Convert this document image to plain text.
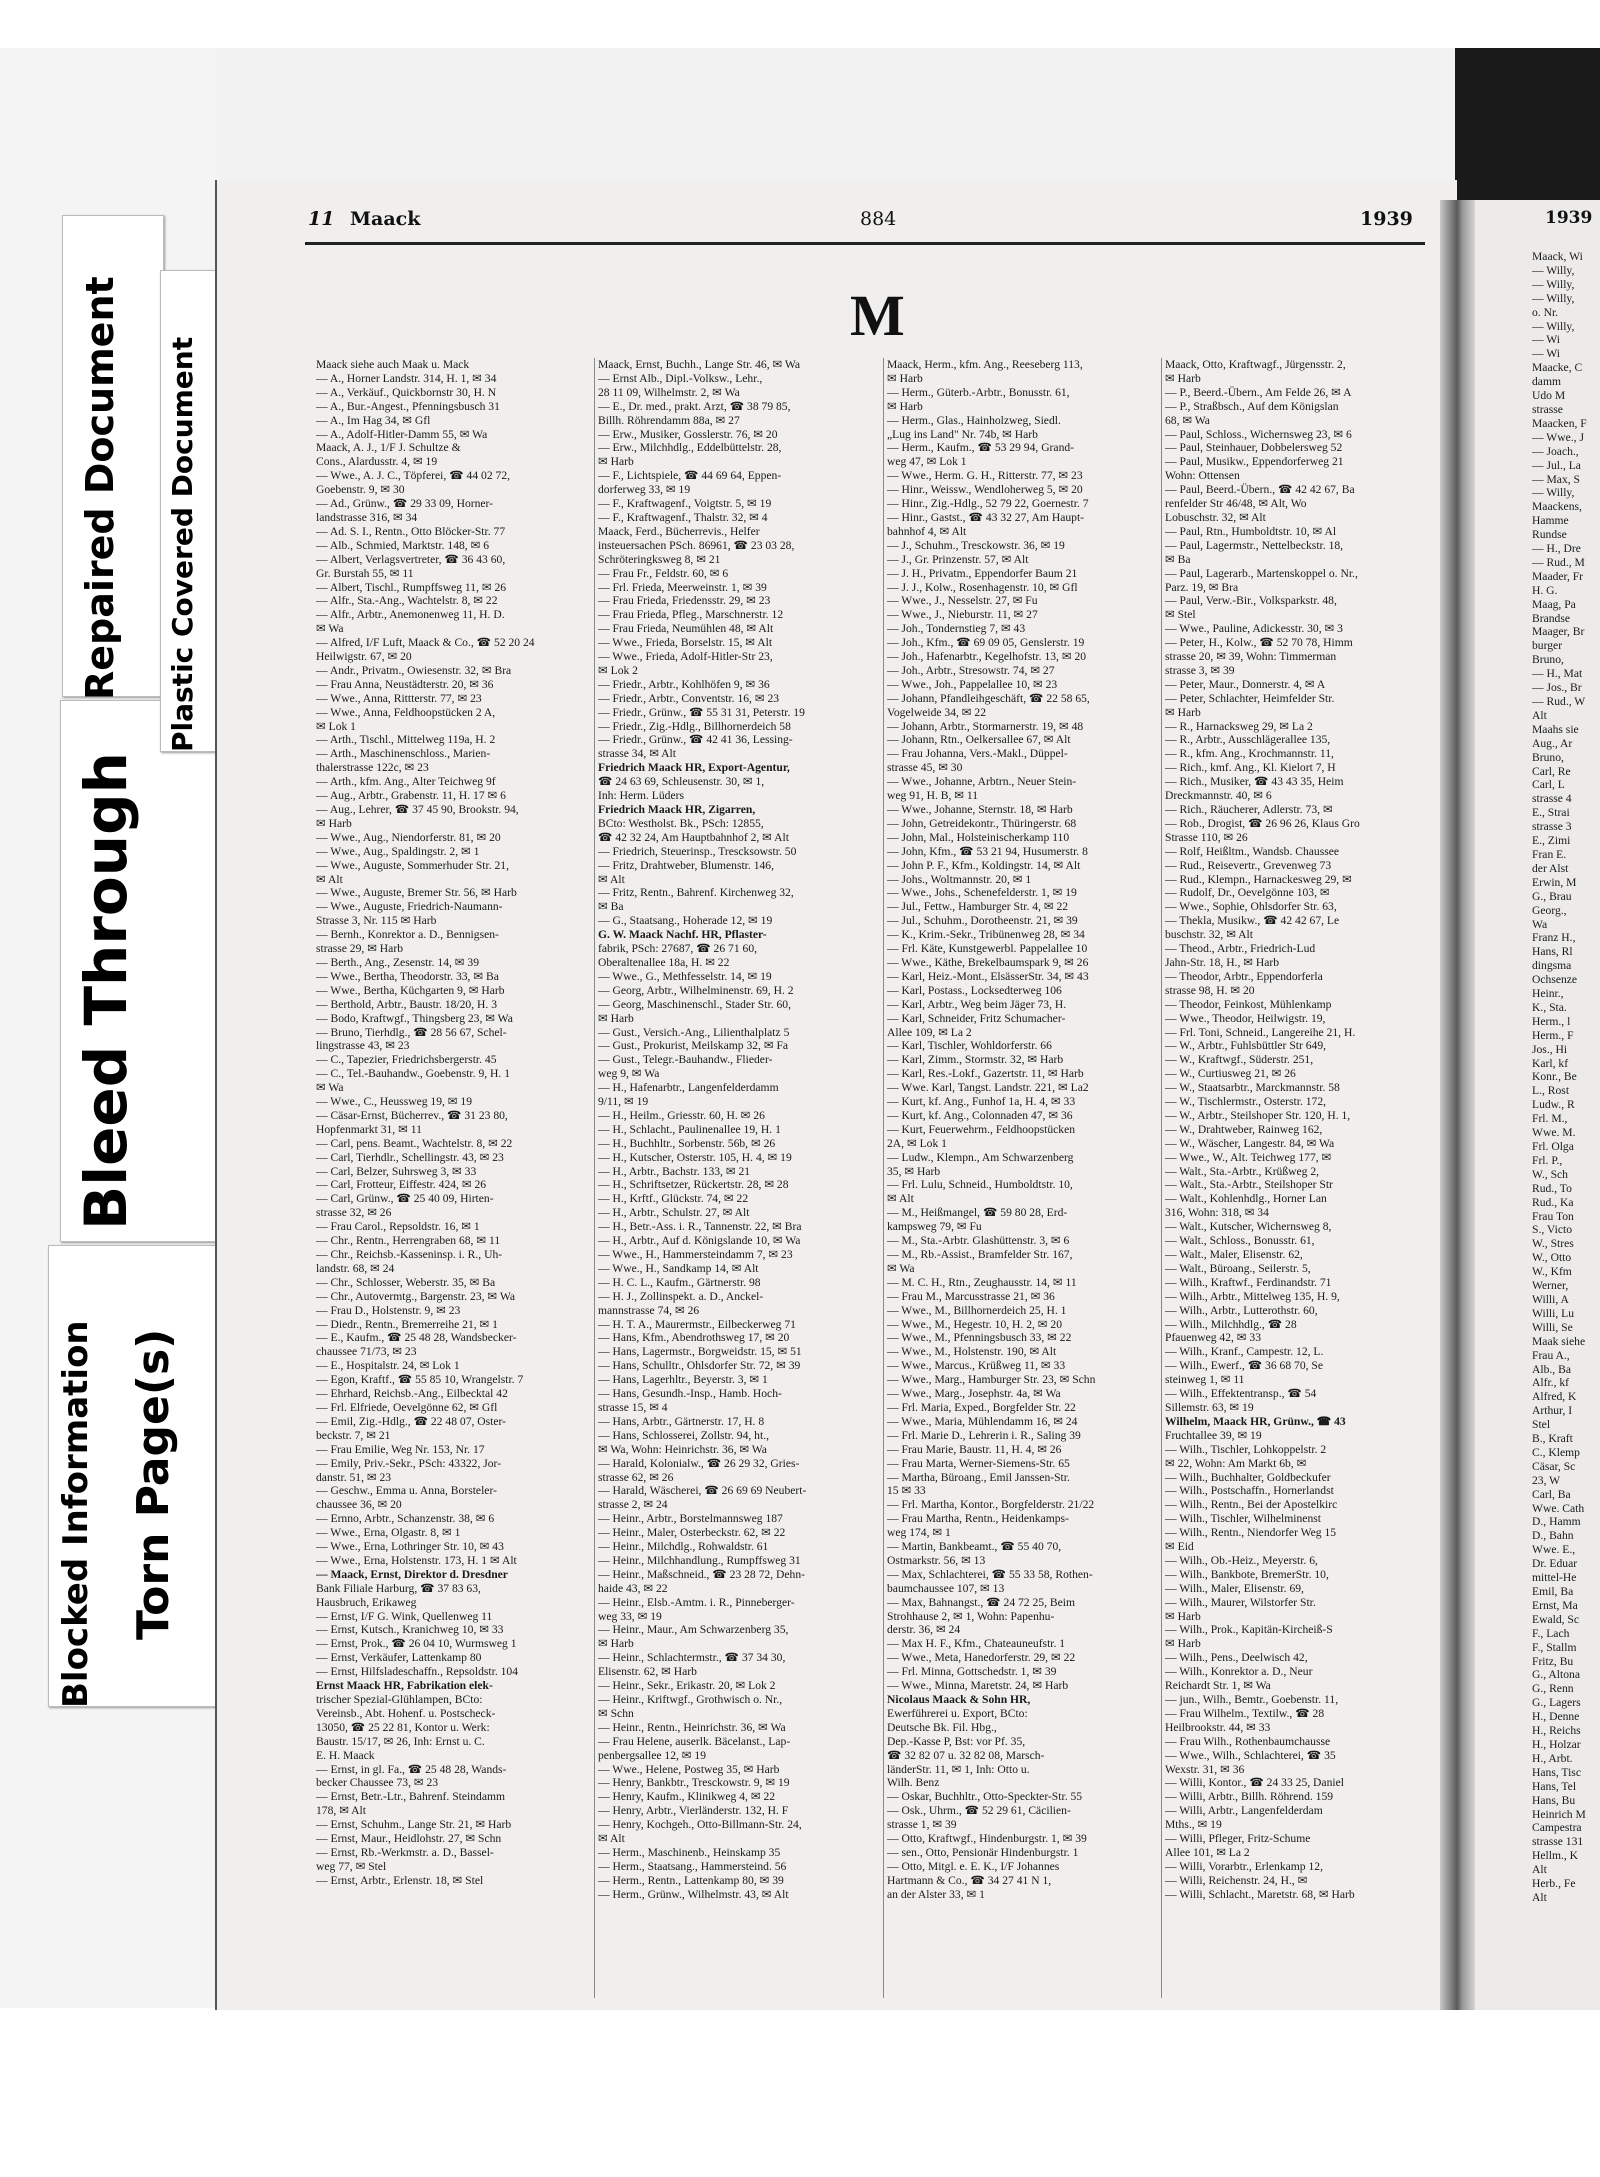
Blocked Information Torn Page(s)
Bleed Through
Repaired Document Plastic Covered Document
11 Maack	884	1939	1939
M
Maack siehe auch Maak u. Mack
— A., Horner Landstr. 314, H. 1, ✉ 34
— A., Verkäuf., Quickbornstr 30, H. N
— A., Bur.-Angest., Pfenningsbusch 31
— A., Im Hag 34, ✉ Gfl
— A., Adolf-Hitler-Damm 55, ✉ Wa
Maack, A. J., 1/F J. Schultze &
Cons., Alardusstr. 4, ✉ 19
— Wwe., A. J. C., Töpferei, ☎ 44 02 72,
Goebenstr. 9, ✉ 30
— Ad., Grünw., ☎ 29 33 09, Horner-
landstrasse 316, ✉ 34
— Ad. S. I., Rentn., Otto Blöcker-Str. 77
— Alb., Schmied, Marktstr. 148, ✉ 6
— Albert, Verlagsvertreter, ☎ 36 43 60,
Gr. Burstah 55, ✉ 11
— Albert, Tischl., Rumpffsweg 11, ✉ 26
— Alfr., Sta.-Ang., Wachtelstr. 8, ✉ 22
— Alfr., Arbtr., Anemonenweg 11, H. D.
✉ Wa
— Alfred, I/F Luft, Maack & Co., ☎ 52 20 24
Heilwigstr. 67, ✉ 20
— Andr., Privatm., Owiesenstr. 32, ✉ Bra
— Frau Anna, Neustädterstr. 20, ✉ 36
— Wwe., Anna, Rittterstr. 77, ✉ 23
— Wwe., Anna, Feldhoopstücken 2 A,
✉ Lok 1
— Arth., Tischl., Mittelweg 119a, H. 2
— Arth., Maschinenschloss., Marien-
thalerstrasse 122c, ✉ 23
— Arth., kfm. Ang., Alter Teichweg 9f
— Aug., Arbtr., Grabenstr. 11, H. 17 ✉ 6
— Aug., Lehrer, ☎ 37 45 90, Brookstr. 94,
✉ Harb
— Wwe., Aug., Niendorferstr. 81, ✉ 20
— Wwe., Aug., Spaldingstr. 2, ✉ 1
— Wwe., Auguste, Sommerhuder Str. 21,
✉ Alt
— Wwe., Auguste, Bremer Str. 56, ✉ Harb
— Wwe., Auguste, Friedrich-Naumann-
Strasse 3, Nr. 115 ✉ Harb
— Bernh., Konrektor a. D., Bennigsen-
strasse 29, ✉ Harb
— Berth., Ang., Zesenstr. 14, ✉ 39
— Wwe., Bertha, Theodorstr. 33, ✉ Ba
— Wwe., Bertha, Küchgarten 9, ✉ Harb
— Berthold, Arbtr., Baustr. 18/20, H. 3
— Bodo, Kraftwgf., Thingsberg 23, ✉ Wa
— Bruno, Tierhdlg., ☎ 28 56 67, Schel-
lingstrasse 43, ✉ 23
— C., Tapezier, Friedrichsbergerstr. 45
— C., Tel.-Bauhandw., Goebenstr. 9, H. 1
✉ Wa
— Wwe., C., Heussweg 19, ✉ 19
— Cäsar-Ernst, Bücherrev., ☎ 31 23 80,
Hopfenmarkt 31, ✉ 11
— Carl, pens. Beamt., Wachtelstr. 8, ✉ 22
— Carl, Tierhdlr., Schellingstr. 43, ✉ 23
— Carl, Belzer, Suhrsweg 3, ✉ 33
— Carl, Frotteur, Eiffestr. 424, ✉ 26
— Carl, Grünw., ☎ 25 40 09, Hirten-
strasse 32, ✉ 26
— Frau Carol., Repsoldstr. 16, ✉ 1
— Chr., Rentn., Herrengraben 68, ✉ 11
— Chr., Reichsb.-Kasseninsp. i. R., Uh-
landstr. 68, ✉ 24
— Chr., Schlosser, Weberstr. 35, ✉ Ba
— Chr., Autovermtg., Bargenstr. 23, ✉ Wa
— Frau D., Holstenstr. 9, ✉ 23
— Diedr., Rentn., Bremerreihe 21, ✉ 1
— E., Kaufm., ☎ 25 48 28, Wandsbecker-
chaussee 71/73, ✉ 23
— E., Hospitalstr. 24, ✉ Lok 1
— Egon, Kraftf., ☎ 55 85 10, Wrangelstr. 7
— Ehrhard, Reichsb.-Ang., Eilbecktal 42
— Frl. Elfriede, Oevelgönne 62, ✉ Gfl
— Emil, Zig.-Hdlg., ☎ 22 48 07, Oster-
beckstr. 7, ✉ 21
— Frau Emilie, Weg Nr. 153, Nr. 17
— Emily, Priv.-Sekr., PSch: 43322, Jor-
danstr. 51, ✉ 23
— Geschw., Emma u. Anna, Borsteler-
chaussee 36, ✉ 20
— Ernno, Arbtr., Schanzenstr. 38, ✉ 6
— Wwe., Erna, Olgastr. 8, ✉ 1
— Wwe., Erna, Lothringer Str. 10, ✉ 43
— Wwe., Erna, Holstenstr. 173, H. 1 ✉ Alt
— Maack, Ernst, Direktor d. Dresdner
Bank Filiale Harburg, ☎ 37 83 63,
Hausbruch, Erikaweg
— Ernst, I/F G. Wink, Quellenweg 11
— Ernst, Kutsch., Kranichweg 10, ✉ 33
— Ernst, Prok., ☎ 26 04 10, Wurmsweg 1
— Ernst, Verkäufer, Lattenkamp 80
— Ernst, Hilfsladeschaffn., Repsoldstr. 104
Ernst Maack HR, Fabrikation elek-
trischer Spezial-Glühlampen, BCto:
Vereinsb., Abt. Hohenf. u. Postscheck-
13050, ☎ 25 22 81, Kontor u. Werk:
Baustr. 15/17, ✉ 26, Inh: Ernst u. C.
E. H. Maack
— Ernst, in gl. Fa., ☎ 25 48 28, Wands-
becker Chaussee 73, ✉ 23
— Ernst, Betr.-Ltr., Bahrenf. Steindamm
178, ✉ Alt
— Ernst, Schuhm., Lange Str. 21, ✉ Harb
— Ernst, Maur., Heidlohstr. 27, ✉ Schn
— Ernst, Rb.-Werkmstr. a. D., Bassel-
weg 77, ✉ Stel
— Ernst, Arbtr., Erlenstr. 18, ✉ Stel
Maack, Ernst, Buchh., Lange Str. 46, ✉ Wa
— Ernst Alb., Dipl.-Volksw., Lehr.,
28 11 09, Wilhelmstr. 2, ✉ Wa
— E., Dr. med., prakt. Arzt, ☎ 38 79 85,
Billh. Röhrendamm 88a, ✉ 27
— Erw., Musiker, Gosslerstr. 76, ✉ 20
— Erw., Milchhdlg., Eddelbüttelstr. 28,
✉ Harb
— F., Lichtspiele, ☎ 44 69 64, Eppen-
dorferweg 33, ✉ 19
— F., Kraftwagenf., Voigtstr. 5, ✉ 19
— F., Kraftwagenf., Thalstr. 32, ✉ 4
Maack, Ferd., Bücherrevis., Helfer
insteuersachen PSch. 86961, ☎ 23 03 28,
Schröteringksweg 8, ✉ 21
— Frau Fr., Feldstr. 60, ✉ 6
— Frl. Frieda, Meerweinstr. 1, ✉ 39
— Frau Frieda, Friedensstr. 29, ✉ 23
— Frau Frieda, Pfleg., Marschnerstr. 12
— Frau Frieda, Neumühlen 48, ✉ Alt
— Wwe., Frieda, Borselstr. 15, ✉ Alt
— Wwe., Frieda, Adolf-Hitler-Str 23,
✉ Lok 2
— Friedr., Arbtr., Kohlhöfen 9, ✉ 36
— Friedr., Arbtr., Conventstr. 16, ✉ 23
— Friedr., Grünw., ☎ 55 31 31, Peterstr. 19
— Friedr., Zig.-Hdlg., Billhornerdeich 58
— Friedr., Grünw., ☎ 42 41 36, Lessing-
strasse 34, ✉ Alt
Friedrich Maack HR, Export-Agentur,
☎ 24 63 69, Schleusenstr. 30, ✉ 1,
Inh: Herm. Lüders
Friedrich Maack HR, Zigarren,
BCto: Westholst. Bk., PSch: 12855,
☎ 42 32 24, Am Hauptbahnhof 2, ✉ Alt
— Friedrich, Steuerinsp., Trescksowstr. 50
— Fritz, Drahtweber, Blumenstr. 146,
✉ Alt
— Fritz, Rentn., Bahrenf. Kirchenweg 32,
✉ Ba
— G., Staatsang., Hoherade 12, ✉ 19
G. W. Maack Nachf. HR, Pflaster-
fabrik, PSch: 27687, ☎ 26 71 60,
Oberaltenallee 18a, H. ✉ 22
— Wwe., G., Methfesselstr. 14, ✉ 19
— Georg, Arbtr., Wilhelminenstr. 69, H. 2
— Georg, Maschinenschl., Stader Str. 60,
✉ Harb
— Gust., Versich.-Ang., Lilienthalplatz 5
— Gust., Prokurist, Meilskamp 32, ✉ Fa
— Gust., Telegr.-Bauhandw., Flieder-
weg 9, ✉ Wa
— H., Hafenarbtr., Langenfelderdamm
9/11, ✉ 19
— H., Heilm., Griesstr. 60, H. ✉ 26
— H., Schlacht., Paulinenallee 19, H. 1
— H., Buchhltr., Sorbenstr. 56b, ✉ 26
— H., Kutscher, Osterstr. 105, H. 4, ✉ 19
— H., Arbtr., Bachstr. 133, ✉ 21
— H., Schriftsetzer, Rückertstr. 28, ✉ 28
— H., Krftf., Glückstr. 74, ✉ 22
— H., Arbtr., Schulstr. 27, ✉ Alt
— H., Betr.-Ass. i. R., Tannenstr. 22, ✉ Bra
— H., Arbtr., Auf d. Königslande 10, ✉ Wa
— Wwe., H., Hammersteindamm 7, ✉ 23
— Wwe., H., Sandkamp 14, ✉ Alt
— H. C. L., Kaufm., Gärtnerstr. 98
— H. J., Zollinspekt. a. D., Anckel-
mannstrasse 74, ✉ 26
— H. T. A., Maurermstr., Eilbeckerweg 71
— Hans, Kfm., Abendrothsweg 17, ✉ 20
— Hans, Lagermstr., Borgweidstr. 15, ✉ 51
— Hans, Schulltr., Ohlsdorfer Str. 72, ✉ 39
— Hans, Lagerhltr., Beyerstr. 3, ✉ 1
— Hans, Gesundh.-Insp., Hamb. Hoch-
strasse 15, ✉ 4
— Hans, Arbtr., Gärtnerstr. 17, H. 8
— Hans, Schlosserei, Zollstr. 94, ht.,
✉ Wa, Wohn: Heinrichstr. 36, ✉ Wa
— Harald, Kolonialw., ☎ 26 29 32, Gries-
strasse 62, ✉ 26
— Harald, Wäscherei, ☎ 26 69 69 Neubert-
strasse 2, ✉ 24
— Heinr., Arbtr., Borstelmannsweg 187
— Heinr., Maler, Osterbeckstr. 62, ✉ 22
— Heinr., Milchdlg., Rohwaldstr. 61
— Heinr., Milchhandlung., Rumpffsweg 31
— Heinr., Maßschneid., ☎ 23 28 72, Dehn-
haide 43, ✉ 22
— Heinr., Elsb.-Amtm. i. R., Pinneberger-
weg 33, ✉ 19
— Heinr., Maur., Am Schwarzenberg 35,
✉ Harb
— Heinr., Schlachtermstr., ☎ 37 34 30,
Elisenstr. 62, ✉ Harb
— Heinr., Sekr., Erikastr. 20, ✉ Lok 2
— Heinr., Kriftwgf., Grothwisch o. Nr.,
✉ Schn
— Heinr., Rentn., Heinrichstr. 36, ✉ Wa
— Frau Helene, auserlk. Bäcelanst., Lap-
penbergsallee 12, ✉ 19
— Wwe., Helene, Postweg 35, ✉ Harb
— Henry, Bankbtr., Tresckowstr. 9, ✉ 19
— Henry, Kaufm., Klinikweg 4, ✉ 22
— Henry, Arbtr., Vierländerstr. 132, H. F
— Henry, Kochgeh., Otto-Billmann-Str. 24,
✉ Alt
— Herm., Maschinenb., Heinskamp 35
— Herm., Staatsang., Hammersteind. 56
— Herm., Rentn., Lattenkamp 80, ✉ 39
— Herm., Grünw., Wilhelmstr. 43, ✉ Alt
Maack, Herm., kfm. Ang., Reeseberg 113,
✉ Harb
— Herm., Güterb.-Arbtr., Bonusstr. 61,
✉ Harb
— Herm., Glas., Hainholzweg, Siedl.
„Lug ins Land" Nr. 74b, ✉ Harb
— Herm., Kaufm., ☎ 53 29 94, Grand-
weg 47, ✉ Lok 1
— Wwe., Herm. G. H., Ritterstr. 77, ✉ 23
— Hinr., Weissw., Wendloherweg 5, ✉ 20
— Hinr., Zig.-Hdlg., 52 79 22, Goernestr. 7
— Hinr., Gastst., ☎ 43 32 27, Am Haupt-
bahnhof 4, ✉ Alt
— J., Schuhm., Tresckowstr. 36, ✉ 19
— J., Gr. Prinzenstr. 57, ✉ Alt
— J. H., Privatm., Eppendorfer Baum 21
— J. J., Kolw., Rosenhagenstr. 10, ✉ Gfl
— Wwe., J., Nesselstr. 27, ✉ Fu
— Wwe., J., Nieburstr. 11, ✉ 27
— Joh., Tondernstieg 7, ✉ 43
— Joh., Kfm., ☎ 69 09 05, Genslerstr. 19
— Joh., Hafenarbtr., Kegelhofstr. 13, ✉ 20
— Joh., Arbtr., Stresowstr. 74, ✉ 27
— Wwe., Joh., Pappelallee 10, ✉ 23
— Johann, Pfandleihgeschäft, ☎ 22 58 65,
Vogelweide 34, ✉ 22
— Johann, Arbtr., Stormarnerstr. 19, ✉ 48
— Johann, Rtn., Oelkersallee 67, ✉ Alt
— Frau Johanna, Vers.-Makl., Düppel-
strasse 45, ✉ 30
— Wwe., Johanne, Arbtrn., Neuer Stein-
weg 91, H. B, ✉ 11
— Wwe., Johanne, Sternstr. 18, ✉ Harb
— John, Getreidekontr., Thüringerstr. 68
— John, Mal., Holsteinischerkamp 110
— John, Kfm., ☎ 53 21 94, Husumerstr. 8
— John P. F., Kfm., Koldingstr. 14, ✉ Alt
— Johs., Woltmannstr. 20, ✉ 1
— Wwe., Johs., Schenefelderstr. 1, ✉ 19
— Jul., Fettw., Hamburger Str. 4, ✉ 22
— Jul., Schuhm., Dorotheenstr. 21, ✉ 39
— K., Krim.-Sekr., Tribünenweg 28, ✉ 34
— Frl. Käte, Kunstgewerbl. Pappelallee 10
— Wwe., Käthe, Brekelbaumspark 9, ✉ 26
— Karl, Heiz.-Mont., ElsässerStr. 34, ✉ 43
— Karl, Postass., Locksedterweg 106
— Karl, Arbtr., Weg beim Jäger 73, H.
— Karl, Schneider, Fritz Schumacher-
Allee 109, ✉ La 2
— Karl, Tischler, Wohldorferstr. 66
— Karl, Zimm., Stormstr. 32, ✉ Harb
— Karl, Res.-Lokf., Gazertstr. 11, ✉ Harb
— Wwe. Karl, Tangst. Landstr. 221, ✉ La2
— Kurt, kf. Ang., Funhof 1a, H. 4, ✉ 33
— Kurt, kf. Ang., Colonnaden 47, ✉ 36
— Kurt, Feuerwehrm., Feldhoopstücken
2A, ✉ Lok 1
— Ludw., Klempn., Am Schwarzenberg
35, ✉ Harb
— Frl. Lulu, Schneid., Humboldtstr. 10,
✉ Alt
— M., Heißmangel, ☎ 59 80 28, Erd-
kampsweg 79, ✉ Fu
— M., Sta.-Arbtr. Glashüttenstr. 3, ✉ 6
— M., Rb.-Assist., Bramfelder Str. 167,
✉ Wa
— M. C. H., Rtn., Zeughausstr. 14, ✉ 11
— Frau M., Marcusstrasse 21, ✉ 36
— Wwe., M., Billhornerdeich 25, H. 1
— Wwe., M., Hegestr. 10, H. 2, ✉ 20
— Wwe., M., Pfenningsbusch 33, ✉ 22
— Wwe., M., Holstenstr. 190, ✉ Alt
— Wwe., Marcus., Krüßweg 11, ✉ 33
— Wwe., Marg., Hamburger Str. 23, ✉ Schn
— Wwe., Marg., Josephstr. 4a, ✉ Wa
— Frl. Maria, Exped., Borgfelder Str. 22
— Wwe., Maria, Mühlendamm 16, ✉ 24
— Frl. Marie D., Lehrerin i. R., Saling 39
— Frau Marie, Baustr. 11, H. 4, ✉ 26
— Frau Marta, Werner-Siemens-Str. 65
— Martha, Büroang., Emil Janssen-Str.
15 ✉ 33
— Frl. Martha, Kontor., Borgfelderstr. 21/22
— Frau Martha, Rentn., Heidenkamps-
weg 174, ✉ 1
— Martin, Bankbeamt., ☎ 55 40 70,
Ostmarkstr. 56, ✉ 13
— Max, Schlachterei, ☎ 55 33 58, Rothen-
baumchaussee 107, ✉ 13
— Max, Bahnangst., ☎ 24 72 25, Beim
Strohhause 2, ✉ 1, Wohn: Papenhu-
derstr. 36, ✉ 24
— Max H. F., Kfm., Chateauneufstr. 1
— Wwe., Meta, Hanedorferstr. 29, ✉ 22
— Frl. Minna, Gottschedstr. 1, ✉ 39
— Wwe., Minna, Maretstr. 24, ✉ Harb
Nicolaus Maack & Sohn HR,
Ewerführerei u. Export, BCto:
Deutsche Bk. Fil. Hbg.,
Dep.-Kasse P, Bst: vor Pf. 35,
☎ 32 82 07 u. 32 82 08, Marsch-
länderStr. 11, ✉ 1, Inh: Otto u.
Wilh. Benz
— Oskar, Buchhltr., Otto-Speckter-Str. 55
— Osk., Uhrm., ☎ 52 29 61, Cäcilien-
strasse 1, ✉ 39
— Otto, Kraftwgf., Hindenburgstr. 1, ✉ 39
— sen., Otto, Pensionär Hindenburgstr. 1
— Otto, Mitgl. e. E. K., I/F Johannes
Hartmann & Co., ☎ 34 27 41 N 1,
an der Alster 33, ✉ 1
Maack, Otto, Kraftwagf., Jürgensstr. 2,
✉ Harb
— P., Beerd.-Übern., Am Felde 26, ✉ A
— P., Straßbsch., Auf dem Königslan
68, ✉ Wa
— Paul, Schloss., Wichernsweg 23, ✉ 6
— Paul, Steinhauer, Dobbelersweg 52
— Paul, Musikw., Eppendorferweg 21
Wohn: Ottensen
— Paul, Beerd.-Übern., ☎ 42 42 67, Ba
renfelder Str 46/48, ✉ Alt, Wo
Lobuschstr. 32, ✉ Alt
— Paul, Rtn., Humboldtstr. 10, ✉ Al
— Paul, Lagermstr., Nettelbeckstr. 18,
✉ Ba
— Paul, Lagerarb., Martenskoppel o. Nr.,
Parz. 19, ✉ Bra
— Paul, Verw.-Bir., Volksparkstr. 48,
✉ Stel
— Wwe., Pauline, Adickesstr. 30, ✉ 3
— Peter, H., Kolw., ☎ 52 70 78, Himm
strasse 20, ✉ 39, Wohn: Timmerman
strasse 3, ✉ 39
— Peter, Maur., Donnerstr. 4, ✉ A
— Peter, Schlachter, Heimfelder Str.
✉ Harb
— R., Harnacksweg 29, ✉ La 2
— R., Arbtr., Ausschlägerallee 135,
— R., kfm. Ang., Krochmannstr. 11,
— Rich., kmf. Ang., Kl. Kielort 7, H
— Rich., Musiker, ☎ 43 43 35, Heim
Dreckmannstr. 40, ✉ 6
— Rich., Räucherer, Adlerstr. 73, ✉
— Rob., Drogist, ☎ 26 96 26, Klaus Gro
Strasse 110, ✉ 26
— Rolf, Heißltm., Wandsb. Chaussee
— Rud., Reisevertr., Grevenweg 73
— Rud., Klempn., Harnackesweg 29, ✉
— Rudolf, Dr., Oevelgönne 103, ✉
— Wwe., Sophie, Ohlsdorfer Str. 63,
— Thekla, Musikw., ☎ 42 42 67, Le
buschstr. 32, ✉ Alt
— Theod., Arbtr., Friedrich-Lud
Jahn-Str. 18, H., ✉ Harb
— Theodor, Arbtr., Eppendorferla
strasse 98, H. ✉ 20
— Theodor, Feinkost, Mühlenkamp
— Wwe., Theodor, Heilwigstr. 19,
— Frl. Toni, Schneid., Langereihe 21, H.
— W., Arbtr., Fuhlsbüttler Str 649,
— W., Kraftwgf., Süderstr. 251,
— W., Curtiusweg 21, ✉ 26
— W., Staatsarbtr., Marckmannstr. 58
— W., Tischlermstr., Osterstr. 172,
— W., Arbtr., Steilshoper Str. 120, H. 1,
— W., Drahtweber, Rainweg 162,
— W., Wäscher, Langestr. 84, ✉ Wa
— Wwe., W., Alt. Teichweg 177, ✉
— Walt., Sta.-Arbtr., Krüßweg 2,
— Walt., Sta.-Arbtr., Steilshoper Str
— Walt., Kohlenhdlg., Horner Lan
316, Wohn: 318, ✉ 34
— Walt., Kutscher, Wichernsweg 8,
— Walt., Schloss., Bonusstr. 61,
— Walt., Maler, Elisenstr. 62,
— Walt., Büroang., Seilerstr. 5,
— Wilh., Kraftwf., Ferdinandstr. 71
— Wilh., Arbtr., Mittelweg 135, H. 9,
— Wilh., Arbtr., Lutterothstr. 60,
— Wilh., Milchhdlg., ☎ 28
Pfauenweg 42, ✉ 33
— Wilh., Kranf., Campestr. 12, L.
— Wilh., Ewerf., ☎ 36 68 70, Se
steinweg 1, ✉ 11
— Wilh., Effektentransp., ☎ 54
Sillemstr. 63, ✉ 19
Wilhelm, Maack HR, Grünw., ☎ 43
Fruchtallee 39, ✉ 19
— Wilh., Tischler, Lohkoppelstr. 2
✉ 22, Wohn: Am Markt 6b, ✉
— Wilh., Buchhalter, Goldbeckufer
— Wilh., Postschaffn., Hornerlandst
— Wilh., Rentn., Bei der Apostelkirc
— Wilh., Tischler, Wilhelminenst
— Wilh., Rentn., Niendorfer Weg 15
✉ Eid
— Wilh., Ob.-Heiz., Meyerstr. 6,
— Wilh., Bankbote, BremerStr. 10,
— Wilh., Maler, Elisenstr. 69,
— Wilh., Maurer, Wilstorfer Str.
✉ Harb
— Wilh., Prok., Kapitän-Kircheiß-S
✉ Harb
— Wilh., Pens., Deelwisch 42,
— Wilh., Konrektor a. D., Neur
Reichardt Str. 1, ✉ Wa
— jun., Wilh., Bemtr., Goebenstr. 11,
— Frau Wilhelm., Textilw., ☎ 28
Heilbrookstr. 44, ✉ 33
— Frau Wilh., Rothenbaumchausse
— Wwe., Wilh., Schlachterei, ☎ 35
Wexstr. 31, ✉ 36
— Willi, Kontor., ☎ 24 33 25, Daniel
— Willi, Arbtr., Billh. Röhrend. 159
— Willi, Arbtr., Langenfelderdam
Mths., ✉ 19
— Willi, Pfleger, Fritz-Schume
Allee 101, ✉ La 2
— Willi, Vorarbtr., Erlenkamp 12,
— Willi, Reichenstr. 24, H., ✉
— Willi, Schlacht., Maretstr. 68, ✉ Harb
Maack, Wi
— Willy,
— Willy,
— Willy,
o. Nr.
— Willy,
— Wi
— Wi
Maacke, C
damm
Udo M
strasse
Maacken, F
— Wwe., J
— Joach.,
— Jul., La
— Max, S
— Willy,
Maackens,
Hamme
Rundse
— H., Dre
— Rud., M
Maader, Fr
H. G.
Maag, Pa
Brandse
Maager, Br
burger
Bruno,
— H., Mat
— Jos., Br
— Rud., W
Alt
Maahs sie
Aug., Ar
Bruno,
Carl, Re
Carl, L
strasse 4
E., Strai
strasse 3
E., Zimi
Fran E.
der Alst
Erwin, M
G., Brau
Georg.,
Wa
Franz H.,
Hans, Rl
dingsma
Ochsenze
Heinr.,
K., Sta.
Herm., l
Herm., F
Jos., Hi
Karl, kf
Konr., Be
L., Rost
Ludw., R
Frl. M.,
Wwe. M.
Frl. Olga
Frl. P.,
W., Sch
Rud., To
Rud., Ka
Frau Ton
S., Victo
W., Stres
W., Otto
W., Kfm
Werner,
Willi, A
Willi, Lu
Willi, Se
Maak siehe
Frau A.,
Alb., Ba
Alfr., kf
Alfred, K
Arthur, I
Stel
B., Kraft
C., Klemp
Cäsar, Sc
23, W
Carl, Ba
Wwe. Cath
D., Hamm
D., Bahn
Wwe. E.,
Dr. Eduar
mittel-He
Emil, Ba
Ernst, Ma
Ewald, Sc
F., Lach
F., Stallm
Fritz, Bu
G., Altona
G., Renn
G., Lagers
H., Denne
H., Reichs
H., Holzar
H., Arbt.
Hans, Tisc
Hans, Tel
Hans, Bu
Heinrich M
Campestra
strasse 131
Hellm., K
Alt
Herb., Fe
Alt
